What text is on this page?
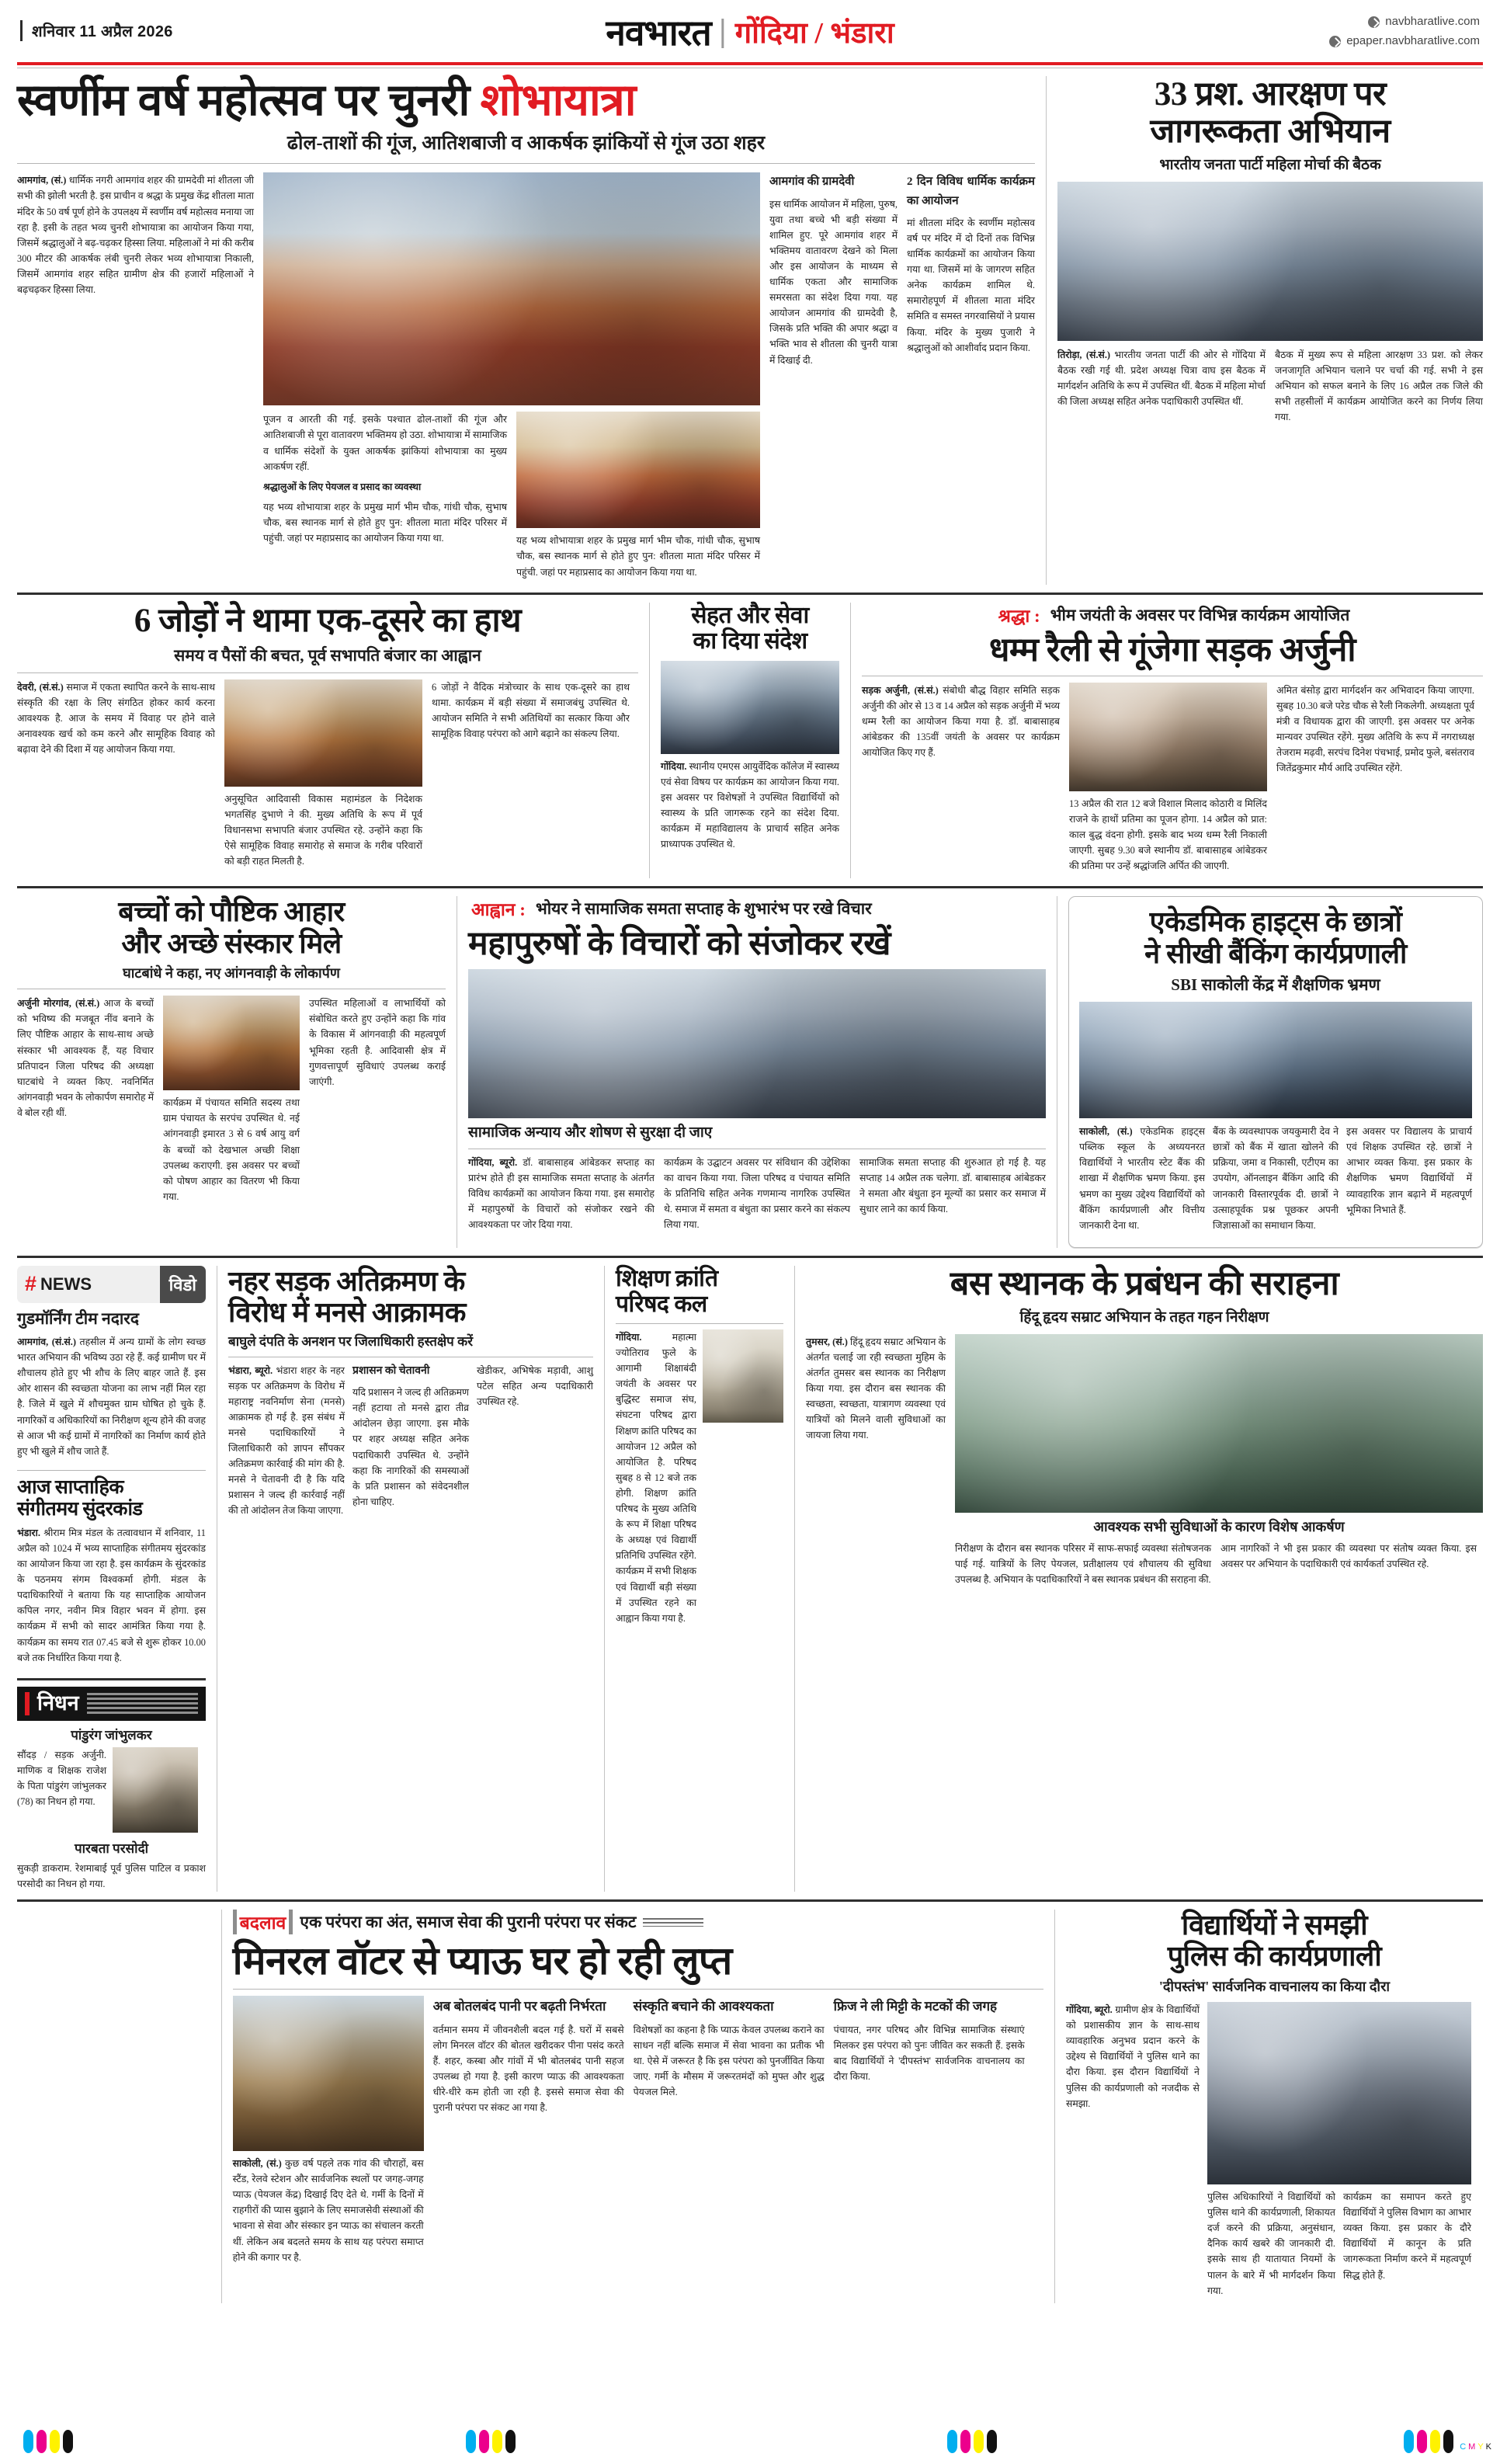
शनिवार 11 अप्रैल 2026	नवभारत गोंदिया / भंडारा	navbharatlive.com
epaper.navbharatlive.com
स्वर्णीम वर्ष महोत्सव पर चुनरी शोभायात्रा
ढोल-ताशों की गूंज, आतिशबाजी व आकर्षक झांकियों से गूंज उठा शहर

आमगांव, (सं.) धार्मिक नगरी आमगांव शहर की ग्रामदेवी मां शीतला जी सभी की झोली भरती है. इस प्राचीन व श्रद्धा के प्रमुख केंद्र शीतला माता मंदिर के 50 वर्ष पूर्ण होने के उपलक्ष्य में स्वर्णीम वर्ष महोत्सव मनाया जा रहा है. इसी के तहत भव्य चुनरी शोभायात्रा का आयोजन किया गया, जिसमें श्रद्धालुओं ने बढ़-चढ़कर हिस्सा लिया. महिलाओं ने मां की करीब 300 मीटर की आकर्षक लंबी चुनरी लेकर भव्य शोभायात्रा निकाली, जिसमें आमगांव शहर सहित ग्रामीण क्षेत्र की हजारों महिलाओं ने बढ़चढ़कर हिस्सा लिया.

पूजन व आरती की गई. इसके पश्चात ढोल-ताशों की गूंज और आतिशबाजी से पूरा वातावरण भक्तिमय हो उठा. शोभायात्रा में सामाजिक व धार्मिक संदेशों के युक्त आकर्षक झांकियां शोभायात्रा का मुख्य आकर्षण रहीं.

श्रद्धालुओं के लिए पेयजल व प्रसाद का व्यवस्था

यह भव्य शोभायात्रा शहर के प्रमुख मार्ग भीम चौक, गांधी चौक, सुभाष चौक, बस स्थानक मार्ग से होते हुए पुन: शीतला माता मंदिर परिसर में पहुंची. जहां पर महाप्रसाद का आयोजन किया गया था.	यह भव्य शोभायात्रा शहर के प्रमुख मार्ग भीम चौक, गांधी चौक, सुभाष चौक, बस स्थानक मार्ग से होते हुए पुन: शीतला माता मंदिर परिसर में पहुंची. जहां पर महाप्रसाद का आयोजन किया गया था.

आमगांव की ग्रामदेवी

इस धार्मिक आयोजन में महिला, पुरुष, युवा तथा बच्चे भी बड़ी संख्या में शामिल हुए. पूरे आमगांव शहर में भक्तिमय वातावरण देखने को मिला और इस आयोजन के माध्यम से धार्मिक एकता और सामाजिक समरसता का संदेश दिया गया. यह आयोजन आमगांव की ग्रामदेवी है, जिसके प्रति भक्ति की अपार श्रद्धा व भक्ति भाव से शीतला की चुनरी यात्रा में दिखाई दी.

2 दिन विविध धार्मिक कार्यक्रम का आयोजन

मां शीतला मंदिर के स्वर्णीम महोत्सव वर्ष पर मंदिर में दो दिनों तक विभिन्न धार्मिक कार्यक्रमों का आयोजन किया गया था. जिसमें मां के जागरण सहित अनेक कार्यक्रम शामिल थे. समारोहपूर्ण में शीतला माता मंदिर समिति व समस्त नगरवासियों ने प्रयास किया. मंदिर के मुख्य पुजारी ने श्रद्धालुओं को आशीर्वाद प्रदान किया.

33 प्रश. आरक्षण पर
जागरूकता अभियान
भारतीय जनता पार्टी महिला मोर्चा की बैठक

तिरोड़ा, (सं.सं.) भारतीय जनता पार्टी की ओर से गोंदिया में बैठक रखी गई थी. प्रदेश अध्यक्ष चित्रा वाघ इस बैठक में मार्गदर्शन अतिथि के रूप में उपस्थित थीं. बैठक में महिला मोर्चा की जिला अध्यक्ष सहित अनेक पदाधिकारी उपस्थित थीं.

बैठक में मुख्य रूप से महिला आरक्षण 33 प्रश. को लेकर जनजागृति अभियान चलाने पर चर्चा की गई. सभी ने इस अभियान को सफल बनाने के लिए 16 अप्रैल तक जिले की सभी तहसीलों में कार्यक्रम आयोजित करने का निर्णय लिया गया.

6 जोड़ों ने थामा एक-दूसरे का हाथ
समय व पैसों की बचत, पूर्व सभापति बंजार का आह्वान

देवरी, (सं.सं.) समाज में एकता स्थापित करने के साथ-साथ संस्कृति की रक्षा के लिए संगठित होकर कार्य करना आवश्यक है. आज के समय में विवाह पर होने वाले अनावश्यक खर्च को कम करने और सामूहिक विवाह को बढ़ावा देने की दिशा में यह आयोजन किया गया.

अनुसूचित आदिवासी विकास महामंडल के निदेशक भगतसिंह दुभाणे ने की. मुख्य अतिथि के रूप में पूर्व विधानसभा सभापति बंजार उपस्थित रहे. उन्होंने कहा कि ऐसे सामूहिक विवाह समारोह से समाज के गरीब परिवारों को बड़ी राहत मिलती है.

6 जोड़ों ने वैदिक मंत्रोच्चार के साथ एक-दूसरे का हाथ थामा. कार्यक्रम में बड़ी संख्या में समाजबंधु उपस्थित थे. आयोजन समिति ने सभी अतिथियों का सत्कार किया और सामूहिक विवाह परंपरा को आगे बढ़ाने का संकल्प लिया.

सेहत और सेवा
का दिया संदेश

गोंदिया. स्थानीय एमएस आयुर्वेदिक कॉलेज में स्वास्थ्य एवं सेवा विषय पर कार्यक्रम का आयोजन किया गया. इस अवसर पर विशेषज्ञों ने उपस्थित विद्यार्थियों को स्वास्थ्य के प्रति जागरूक रहने का संदेश दिया. कार्यक्रम में महाविद्यालय के प्राचार्य सहित अनेक प्राध्यापक उपस्थित थे.

श्रद्धा : भीम जयंती के अवसर पर विभिन्न कार्यक्रम आयोजित
धम्म रैली से गूंजेगा सड़क अर्जुनी

सड़क अर्जुनी, (सं.सं.) संबोधी बौद्ध विहार समिति सड़क अर्जुनी की ओर से 13 व 14 अप्रैल को सड़क अर्जुनी में भव्य धम्म रैली का आयोजन किया गया है. डॉ. बाबासाहब आंबेडकर की 135वीं जयंती के अवसर पर कार्यक्रम आयोजित किए गए हैं.

13 अप्रैल की रात 12 बजे विशाल मिलाद कोठारी व मिलिंद राजने के हाथों प्रतिमा का पूजन होगा. 14 अप्रैल को प्रात: काल बुद्ध वंदना होगी. इसके बाद भव्य धम्म रैली निकाली जाएगी. सुबह 9.30 बजे स्थानीय डॉ. बाबासाहब आंबेडकर की प्रतिमा पर उन्हें श्रद्धांजलि अर्पित की जाएगी.

अमित बंसोड़ द्वारा मार्गदर्शन कर अभिवादन किया जाएगा. सुबह 10.30 बजे परेड चौक से रैली निकलेगी. अध्यक्षता पूर्व मंत्री व विधायक द्वारा की जाएगी. इस अवसर पर अनेक मान्यवर उपस्थित रहेंगे. मुख्य अतिथि के रूप में नगराध्यक्ष तेजराम मढ़वी, सरपंच दिनेश पंचभाई, प्रमोद फुले, बसंतराव जितेंद्रकुमार मौर्य आदि उपस्थित रहेंगे.

बच्चों को पौष्टिक आहार
और अच्छे संस्कार मिले
घाटबांधे ने कहा, नए आंगनवाड़ी के लोकार्पण

अर्जुनी मोरगांव, (सं.सं.) आज के बच्चों को भविष्य की मजबूत नींव बनाने के लिए पौष्टिक आहार के साथ-साथ अच्छे संस्कार भी आवश्यक हैं, यह विचार प्रतिपादन जिला परिषद की अध्यक्षा घाटबांधे ने व्यक्त किए. नवनिर्मित आंगनवाड़ी भवन के लोकार्पण समारोह में वे बोल रही थीं.

कार्यक्रम में पंचायत समिति सदस्य तथा ग्राम पंचायत के सरपंच उपस्थित थे. नई आंगनवाड़ी इमारत 3 से 6 वर्ष आयु वर्ग के बच्चों को देखभाल अच्छी शिक्षा उपलब्ध कराएगी. इस अवसर पर बच्चों को पोषण आहार का वितरण भी किया गया.

उपस्थित महिलाओं व लाभार्थियों को संबोधित करते हुए उन्होंने कहा कि गांव के विकास में आंगनवाड़ी की महत्वपूर्ण भूमिका रहती है. आदिवासी क्षेत्र में गुणवत्तापूर्ण सुविधाएं उपलब्ध कराई जाएंगी.

आह्वान : भोयर ने सामाजिक समता सप्ताह के शुभारंभ पर रखे विचार
महापुरुषों के विचारों को संजोकर रखें
सामाजिक अन्याय और शोषण से सुरक्षा दी जाए

गोंदिया, ब्यूरो. डॉ. बाबासाहब आंबेडकर सप्ताह का प्रारंभ होते ही इस सामाजिक समता सप्ताह के अंतर्गत विविध कार्यक्रमों का आयोजन किया गया. इस समारोह में महापुरुषों के विचारों को संजोकर रखने की आवश्यकता पर जोर दिया गया.

कार्यक्रम के उद्घाटन अवसर पर संविधान की उद्देशिका का वाचन किया गया. जिला परिषद व पंचायत समिति के प्रतिनिधि सहित अनेक गणमान्य नागरिक उपस्थित थे. समाज में समता व बंधुता का प्रसार करने का संकल्प लिया गया.

सामाजिक समता सप्ताह की शुरुआत हो गई है. यह सप्ताह 14 अप्रैल तक चलेगा. डॉ. बाबासाहब आंबेडकर ने समता और बंधुता इन मूल्यों का प्रसार कर समाज में सुधार लाने का कार्य किया.

एकेडमिक हाइट्स के छात्रों
ने सीखी बैंकिंग कार्यप्रणाली
SBI साकोली केंद्र में शैक्षणिक भ्रमण

साकोली, (सं.) एकेडमिक हाइट्स पब्लिक स्कूल के अध्ययनरत विद्यार्थियों ने भारतीय स्टेट बैंक की शाखा में शैक्षणिक भ्रमण किया. इस भ्रमण का मुख्य उद्देश्य विद्यार्थियों को बैंकिंग कार्यप्रणाली और वित्तीय जानकारी देना था.

बैंक के व्यवस्थापक जयकुमारी देव ने छात्रों को बैंक में खाता खोलने की प्रक्रिया, जमा व निकासी, एटीएम का उपयोग, ऑनलाइन बैंकिंग आदि की जानकारी विस्तारपूर्वक दी. छात्रों ने उत्साहपूर्वक प्रश्न पूछकर अपनी जिज्ञासाओं का समाधान किया.

इस अवसर पर विद्यालय के प्राचार्य एवं शिक्षक उपस्थित रहे. छात्रों ने आभार व्यक्त किया. इस प्रकार के शैक्षणिक भ्रमण विद्यार्थियों में व्यावहारिक ज्ञान बढ़ाने में महत्वपूर्ण भूमिका निभाते हैं.

# NEWS	विडो
गुडमॉर्निंग टीम नदारद

आमगांव, (सं.सं.) तहसील में अन्य ग्रामों के लोग स्वच्छ भारत अभियान की भविष्य उठा रहे हैं. कई ग्रामीण घर में शौचालय होते हुए भी शौच के लिए बाहर जाते हैं. इस ओर शासन की स्वच्छता योजना का लाभ नहीं मिल रहा है. जिले में खुले में शौचमुक्त ग्राम घोषित हो चुके हैं. नागरिकों व अधिकारियों का निरीक्षण शून्य होने की वजह से आज भी कई ग्रामों में नागरिकों का निर्माण कार्य होते हुए भी खुले में शौच जाते हैं.

आज साप्ताहिक
संगीतमय सुंदरकांड

भंडारा. श्रीराम मित्र मंडल के तत्वावधान में शनिवार, 11 अप्रैल को 1024 में भव्य साप्ताहिक संगीतमय सुंदरकांड का आयोजन किया जा रहा है. इस कार्यक्रम के सुंदरकांड के पठनमय संगम विश्वकर्मा होगी. मंडल के पदाधिकारियों ने बताया कि यह साप्ताहिक आयोजन कपिल नगर, नवीन मित्र विहार भवन में होगा. इस कार्यक्रम में सभी को सादर आमंत्रित किया गया है. कार्यक्रम का समय रात 07.45 बजे से शुरू होकर 10.00 बजे तक निर्धारित किया गया है.

निधन
पांडुरंग जांभुलकर
सौंदड़ / सड़क अर्जुनी. माणिक व शिक्षक राजेश के पिता पांडुरंग जांभुलकर (78) का निधन हो गया.
पारबता परसोदी
सुकड़ी डाकराम. रेशमाबाई पूर्व पुलिस पाटिल व प्रकाश परसोदी का निधन हो गया.
नहर सड़क अतिक्रमण के
विरोध में मनसे आक्रामक
बाघुले दंपति के अनशन पर जिलाधिकारी हस्तक्षेप करें

भंडारा, ब्यूरो. भंडारा शहर के नहर सड़क पर अतिक्रमण के विरोध में महाराष्ट्र नवनिर्माण सेना (मनसे) आक्रामक हो गई है. इस संबंध में मनसे पदाधिकारियों ने जिलाधिकारी को ज्ञापन सौंपकर अतिक्रमण कार्रवाई की मांग की है. मनसे ने चेतावनी दी है कि यदि प्रशासन ने जल्द ही कार्रवाई नहीं की तो आंदोलन तेज किया जाएगा.

प्रशासन को चेतावनी

यदि प्रशासन ने जल्द ही अतिक्रमण नहीं हटाया तो मनसे द्वारा तीव्र आंदोलन छेड़ा जाएगा. इस मौके पर शहर अध्यक्ष सहित अनेक पदाधिकारी उपस्थित थे. उन्होंने कहा कि नागरिकों की समस्याओं के प्रति प्रशासन को संवेदनशील होना चाहिए.

खेडीकर, अभिषेक मड़ावी, आशु पटेल सहित अन्य पदाधिकारी उपस्थित रहे.

शिक्षण क्रांति
परिषद कल

गोंदिया.	महात्मा ज्योतिराव फुले के आगामी शिक्षाबंदी जयंती के अवसर पर बुद्धिस्ट समाज संघ, संघटना परिषद द्वारा शिक्षण क्रांति परिषद का आयोजन 12 अप्रैल को आयोजित है. परिषद सुबह 8 से 12 बजे तक होगी. शिक्षण क्रांति परिषद के मुख्य अतिथि के रूप में शिक्षा परिषद के अध्यक्ष एवं विद्यार्थी प्रतिनिधि उपस्थित रहेंगे. कार्यक्रम में सभी शिक्षक एवं विद्यार्थी बड़ी संख्या में उपस्थित रहने का आह्वान किया गया है.

बस स्थानक के प्रबंधन की सराहना
हिंदू हृदय सम्राट अभियान के तहत गहन निरीक्षण

तुमसर, (सं.) हिंदू हृदय सम्राट अभियान के अंतर्गत चलाई जा रही स्वच्छता मुहिम के अंतर्गत तुमसर बस स्थानक का निरीक्षण किया गया. इस दौरान बस स्थानक की स्वच्छता, स्वच्छता, यात्रागण व्यवस्था एवं यात्रियों को मिलने वाली सुविधाओं का जायजा लिया गया.

आवश्यक सभी सुविधाओं के कारण विशेष आकर्षण

निरीक्षण के दौरान बस स्थानक परिसर में साफ-सफाई व्यवस्था संतोषजनक पाई गई. यात्रियों के लिए पेयजल, प्रतीक्षालय एवं शौचालय की सुविधा उपलब्ध है. अभियान के पदाधिकारियों ने बस स्थानक प्रबंधन की सराहना की.

आम नागरिकों ने भी इस प्रकार की व्यवस्था पर संतोष व्यक्त किया. इस अवसर पर अभियान के पदाधिकारी एवं कार्यकर्ता उपस्थित रहे.

बदलाव एक परंपरा का अंत, समाज सेवा की पुरानी परंपरा पर संकट
मिनरल वॉटर से प्याऊ घर हो रही लुप्त

साकोली, (सं.) कुछ वर्ष पहले तक गांव की चौराहों, बस स्टैंड, रेलवे स्टेशन और सार्वजनिक स्थलों पर जगह-जगह प्याऊ (पेयजल केंद्र) दिखाई दिए देते थे. गर्मी के दिनों में राहगीरों की प्यास बुझाने के लिए समाजसेवी संस्थाओं की भावना से सेवा और संस्कार इन प्याऊ का संचालन करती थीं. लेकिन अब बदलते समय के साथ यह परंपरा समाप्त होने की कगार पर है.

अब बोतलबंद पानी पर बढ़ती निर्भरता

वर्तमान समय में जीवनशैली बदल गई है. घरों में सबसे लोग मिनरल वॉटर की बोतल खरीदकर पीना पसंद करते हैं. शहर, कस्बा और गांवों में भी बोतलबंद पानी सहज उपलब्ध हो गया है. इसी कारण प्याऊ की आवश्यकता धीरे-धीरे कम होती जा रही है. इससे समाज सेवा की पुरानी परंपरा पर संकट आ गया है.

संस्कृति बचाने की आवश्यकता

विशेषज्ञों का कहना है कि प्याऊ केवल उपलब्ध कराने का साधन नहीं बल्कि समाज में सेवा भावना का प्रतीक भी था. ऐसे में जरूरत है कि इस परंपरा को पुनर्जीवित किया जाए. गर्मी के मौसम में जरूरतमंदों को मुफ्त और शुद्ध पेयजल मिले.

फ्रिज ने ली मिट्टी के मटकों की जगह

पंचायत, नगर परिषद और विभिन्न सामाजिक संस्थाएं मिलकर इस परंपरा को पुनः जीवित कर सकती हैं. इसके बाद विद्यार्थियों ने 'दीपस्तंभ' सार्वजनिक वाचनालय का दौरा किया.

विद्यार्थियों ने समझी
पुलिस की कार्यप्रणाली
'दीपस्तंभ' सार्वजनिक वाचनालय का किया दौरा

गोंदिया, ब्यूरो. ग्रामीण क्षेत्र के विद्यार्थियों को प्रशासकीय ज्ञान के साथ-साथ व्यावहारिक अनुभव प्रदान करने के उद्देश्य से विद्यार्थियों ने पुलिस थाने का दौरा किया. इस दौरान विद्यार्थियों ने पुलिस की कार्यप्रणाली को नजदीक से समझा.

पुलिस अधिकारियों ने विद्यार्थियों को पुलिस थाने की कार्यप्रणाली, शिकायत दर्ज करने की प्रक्रिया, अनुसंधान, दैनिक कार्य खबरे की जानकारी दी. इसके साथ ही यातायात नियमों के पालन के बारे में भी मार्गदर्शन किया गया.

कार्यक्रम का समापन करते हुए विद्यार्थियों ने पुलिस विभाग का आभार व्यक्त किया. इस प्रकार के दौरे विद्यार्थियों में कानून के प्रति जागरूकता निर्माण करने में महत्वपूर्ण सिद्ध होते हैं.

C M Y K
